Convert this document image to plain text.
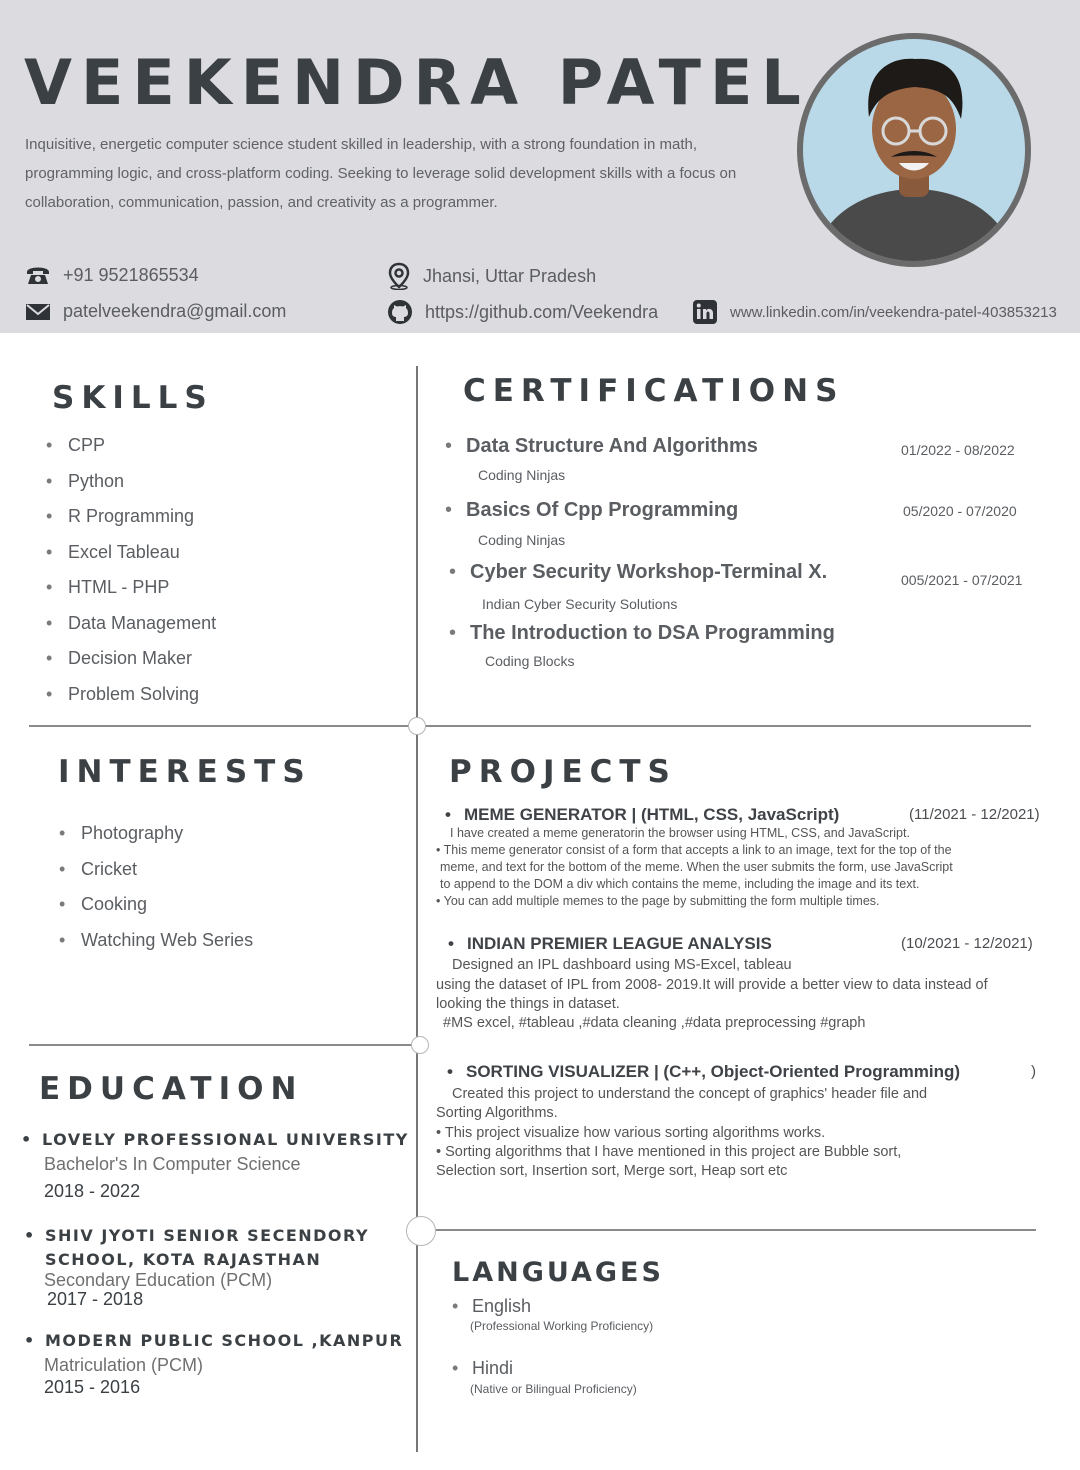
VEEKENDRA PATEL

Inquisitive, energetic computer science student skilled in leadership, with a strong foundation in math, programming logic, and cross-platform coding. Seeking to leverage solid development skills with a focus on collaboration, communication, passion, and creativity as a programmer.

+91 9521865534
patelveekendra@gmail.com
Jhansi, Uttar Pradesh
https://github.com/Veekendra	www.linkedin.com/in/veekendra-patel-403853213
SKILLS
• CPP
• Python
• R Programming
• Excel Tableau
• HTML - PHP
• Data Management
• Decision Maker
• Problem Solving
CERTIFICATIONS

• Data Structure And Algorithms

Coding Ninjas

01/2022 - 08/2022

• Basics Of Cpp Programming

Coding Ninjas

05/2020 - 07/2020

• Cyber Security Workshop-Terminal X.

Indian Cyber Security Solutions

005/2021 - 07/2021

• The Introduction to DSA Programming

Coding Blocks

INTERESTS
• Photography
• Cricket
• Cooking
• Watching Web Series
PROJECTS

• MEME GENERATOR | (HTML, CSS, JavaScript)	(11/2021 - 12/2021)

I have created a meme generatorin the browser using HTML, CSS, and JavaScript.

• This meme generator consist of a form that accepts a link to an image, text for the top of the

meme, and text for the bottom of the meme. When the user submits the form, use JavaScript

to append to the DOM a div which contains the meme, including the image and its text.

• You can add multiple memes to the page by submitting the form multiple times.

• INDIAN PREMIER LEAGUE ANALYSIS	(10/2021 - 12/2021)

Designed an IPL dashboard using MS-Excel, tableau

using the dataset of IPL from 2008- 2019.It will provide a better view to data instead of

looking the things in dataset.

#MS excel, #tableau ,#data cleaning ,#data preprocessing #graph

• SORTING VISUALIZER | (C++, Object-Oriented Programming)	)

Created this project to understand the concept of graphics' header file and

Sorting Algorithms.

• This project visualize how various sorting algorithms works.

• Sorting algorithms that I have mentioned in this project are Bubble sort,

Selection sort, Insertion sort, Merge sort, Heap sort etc

EDUCATION

• LOVELY PROFESSIONAL UNIVERSITY

Bachelor's In Computer Science

2018 - 2022

• SHIV JYOTI SENIOR SECENDORY

SCHOOL, KOTA RAJASTHAN

Secondary Education (PCM)

2017 - 2018

• MODERN PUBLIC SCHOOL ,KANPUR

Matriculation (PCM)

2015 - 2016

LANGUAGES

• English

(Professional Working Proficiency)

• Hindi

(Native or Bilingual Proficiency)
